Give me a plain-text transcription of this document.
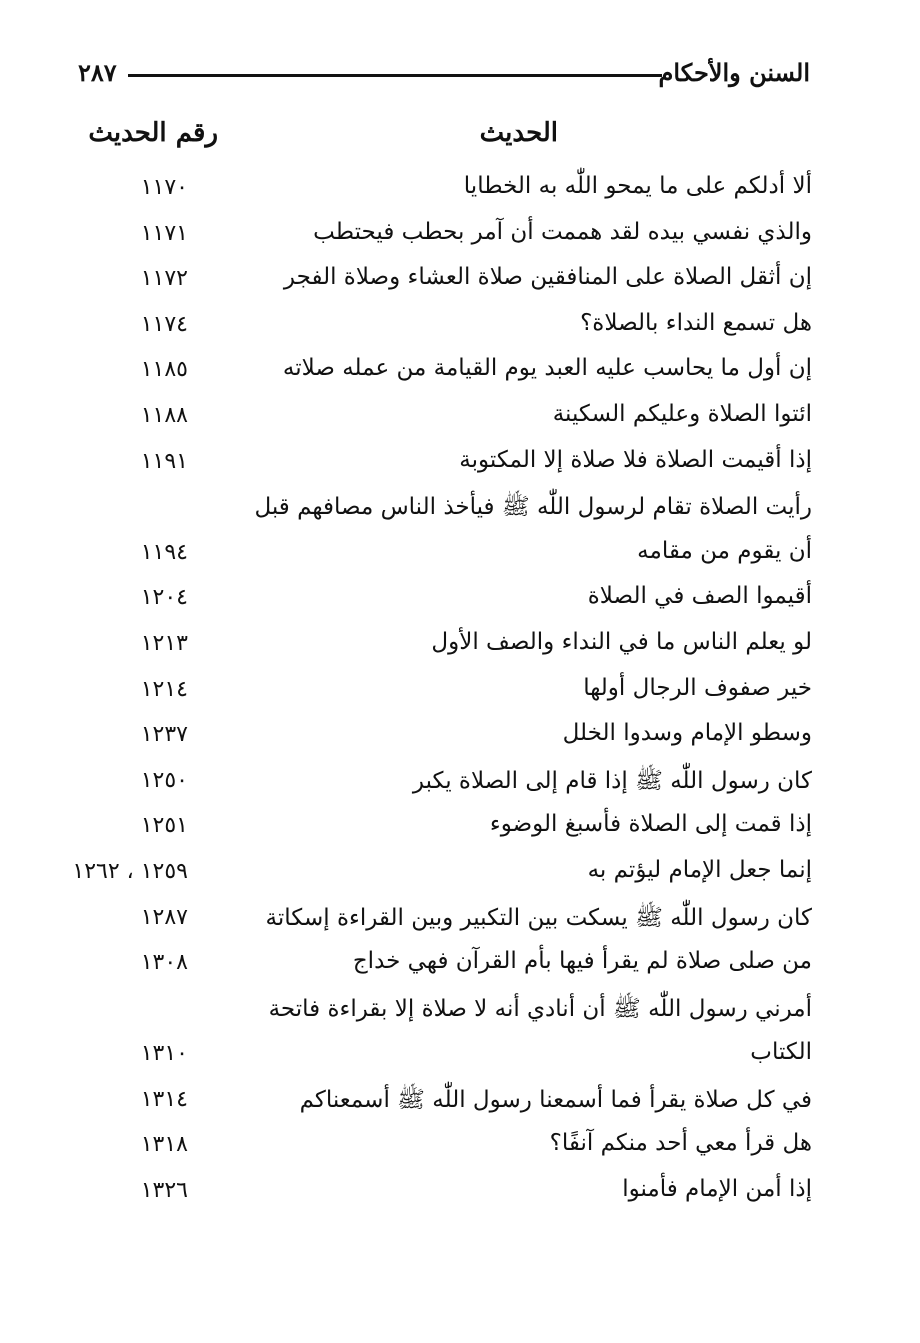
السنن والأحكام
٢٨٧
الحديث
رقم الحديث
ألا أدلكم على ما يمحو اللّٰه به الخطايا
١١٧٠
والذي نفسي بيده لقد هممت أن آمر بحطب فيحتطب
١١٧١
إن أثقل الصلاة على المنافقين صلاة العشاء وصلاة الفجر
١١٧٢
هل تسمع النداء بالصلاة؟
١١٧٤
إن أول ما يحاسب عليه العبد يوم القيامة من عمله صلاته
١١٨٥
ائتوا الصلاة وعليكم السكينة
١١٨٨
إذا أقيمت الصلاة فلا صلاة إلا المكتوبة
١١٩١
رأيت الصلاة تقام لرسول اللّٰه ﷺ فيأخذ الناس مصافهم قبل
أن يقوم من مقامه
١١٩٤
أقيموا الصف في الصلاة
١٢٠٤
لو يعلم الناس ما في النداء والصف الأول
١٢١٣
خير صفوف الرجال أولها
١٢١٤
وسطو الإمام وسدوا الخلل
١٢٣٧
كان رسول اللّٰه ﷺ إذا قام إلى الصلاة يكبر
١٢٥٠
إذا قمت إلى الصلاة فأسبغ الوضوء
١٢٥١
إنما جعل الإمام ليؤتم به
١٢٥٩ ، ١٢٦٢
كان رسول اللّٰه ﷺ يسكت بين التكبير وبين القراءة إسكاتة
١٢٨٧
من صلى صلاة لم يقرأ فيها بأم القرآن فهي خداج
١٣٠٨
أمرني رسول اللّٰه ﷺ أن أنادي أنه لا صلاة إلا بقراءة فاتحة
الكتاب
١٣١٠
في كل صلاة يقرأ فما أسمعنا رسول اللّٰه ﷺ أسمعناكم
١٣١٤
هل قرأ معي أحد منكم آنفًا؟
١٣١٨
إذا أمن الإمام فأمنوا
١٣٢٦
